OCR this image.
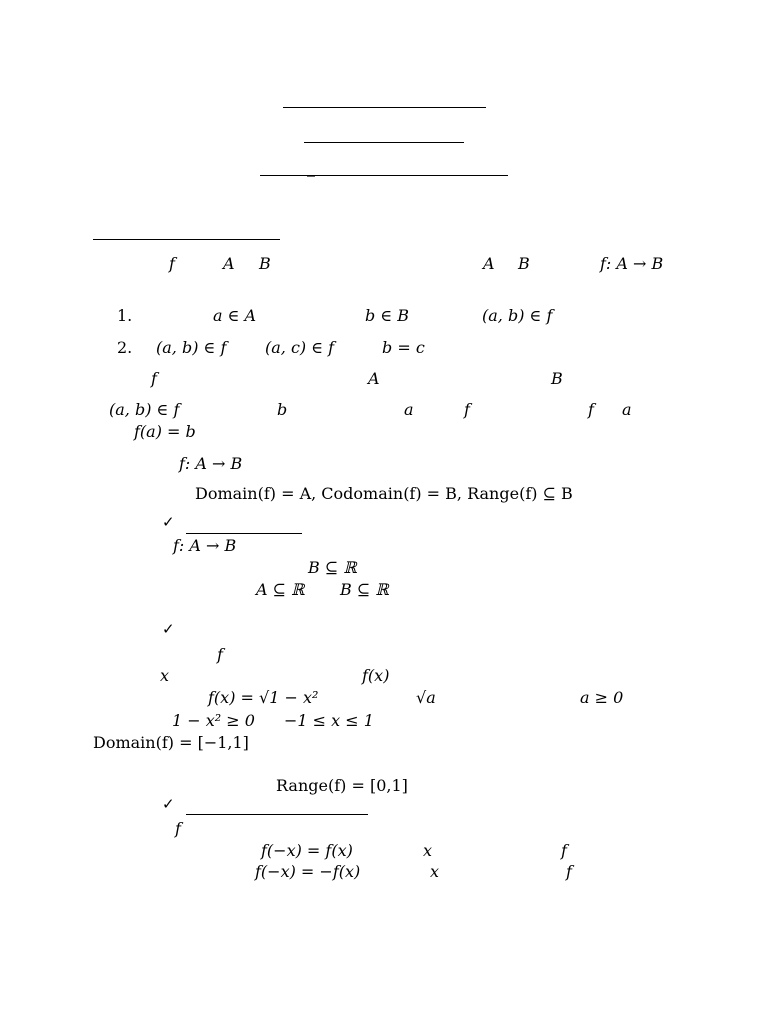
_
f	A B	A B	f: A → B
1.	a ∈ A	b ∈ B	(a, b) ∈ f
2. (a, b) ∈ f (a, c) ∈ f	b = c
f	A	B
(a, b) ∈ f	b	a	f	f a
f(a) = b
f: A → B
Domain(f) = A, Codomain(f) = B, Range(f) ⊆ B
✓
f: A → B
B ⊆ ℝ
A ⊆ ℝ B ⊆ ℝ
✓
f
x	f(x)
f(x) = √1 − x²	√a	a ≥ 0
1 − x² ≥ 0 −1 ≤ x ≤ 1
Domain(f) = [−1,1]
Range(f) = [0,1]
✓
f
f(−x) = f(x)	x	f
f(−x) = −f(x)	x	f
